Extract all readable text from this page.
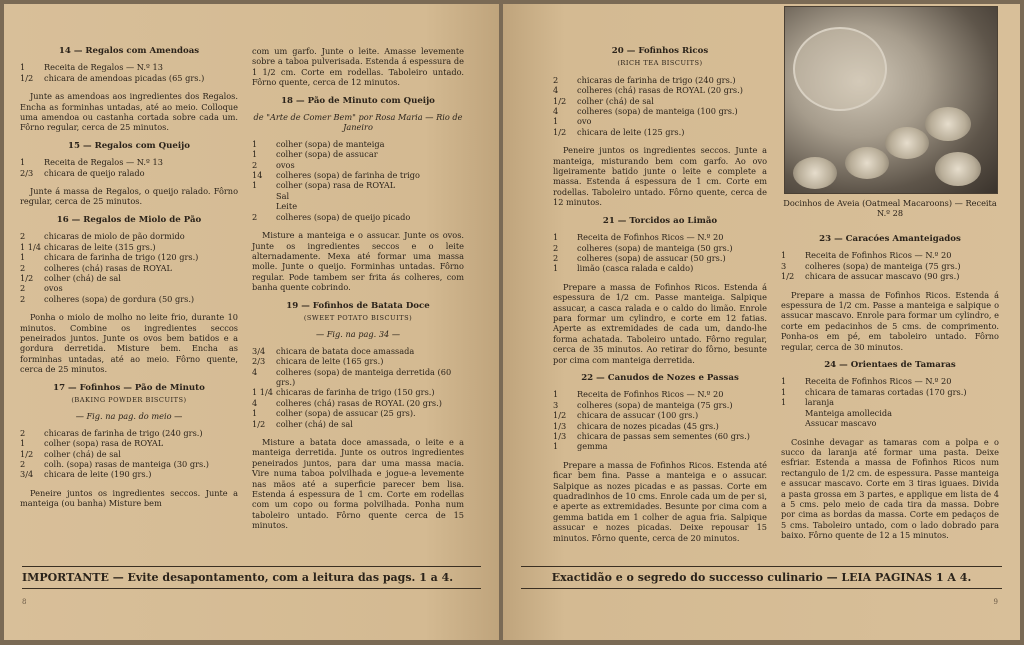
14 — Regalos com Amendoas

1	Receita de Regalos — N.º 13
1/2	chicara de amendoas picadas (65 grs.)

Junte as amendoas aos ingredientes dos Regalos. Encha as forminhas untadas, até ao meio. Colloque uma amendoa ou castanha cortada sobre cada um. Fôrno regular, cerca de 25 minutos.

15 — Regalos com Queijo

1	Receita de Regalos — N.º 13
2/3	chicara de queijo ralado

Junte á massa de Regalos, o queijo ralado. Fôrno regular, cerca de 25 minutos.

16 — Regalos de Miolo de Pão

2	chicaras de miolo de pão dormido
1 1/4 chicaras de leite (315 grs.)
1	chicara de farinha de trigo (120 grs.)
2	colheres (chá) rasas de ROYAL
1/2	colher (chá) de sal
2	ovos
2	colheres (sopa) de gordura (50 grs.)

Ponha o miolo de molho no leite frio, durante 10 minutos. Combine os ingredientes seccos peneirados juntos. Junte os ovos bem batidos e a gordura derretida. Misture bem. Encha as forminhas untadas, até ao meio. Fôrno quente, cerca de 25 minutos.

17 — Fofinhos — Pão de Minuto

(BAKING POWDER BISCUITS)

— Fig. na pag. do meio —

2	chicaras de farinha de trigo (240 grs.)
1	colher (sopa) rasa de ROYAL
1/2	colher (chá) de sal
2	colh. (sopa) rasas de manteiga (30 grs.)
3/4	chicara de leite (190 grs.)

Peneire juntos os ingredientes seccos. Junte a manteiga (ou banha) Misture bem

com um garfo. Junte o leite. Amasse levemente sobre a taboa pulverisada. Estenda á espessura de 1 1/2 cm. Corte em rodellas. Taboleiro untado. Fôrno quente, cerca de 12 minutos.

18 — Pão de Minuto com Queijo

de "Arte de Comer Bem" por Rosa Maria — Rio de Janeiro

1	colher (sopa) de manteiga
1	colher (sopa) de assucar
2	ovos
14	colheres (sopa) de farinha de trigo
1	colher (sopa) rasa de ROYAL
Sal
Leite
2	colheres (sopa) de queijo picado

Misture a manteiga e o assucar. Junte os ovos. Junte os ingredientes seccos e o leite alternadamente. Mexa até formar uma massa molle. Junte o queijo. Forminhas untadas. Fôrno regular. Pode tambem ser frita ás colheres, com banha quente cobrindo.

19 — Fofinhos de Batata Doce

(SWEET POTATO BISCUITS)

— Fig. na pag. 34 —

3/4	chicara de batata doce amassada
2/3	chicara de leite (165 grs.)
4	colheres (sopa) de manteiga derretida (60 grs.)
1 1/4 chicaras de farinha de trigo (150 grs.)
4	colheres (chá) rasas de ROYAL (20 grs.)
1	colher (sopa) de assucar (25 grs).
1/2	colher (chá) de sal

Misture a batata doce amassada, o leite e a manteiga derretida. Junte os outros ingredientes peneirados juntos, para dar uma massa macia. Vire numa taboa polvilhada e jogue-a levemente nas mãos até a superficie parecer bem lisa. Estenda á espessura de 1 cm. Corte em rodellas com um copo ou forma polvilhada. Ponha num taboleiro untado. Fôrno quente cerca de 15 minutos.

IMPORTANTE — Evite desapontamento, com a leitura das pags. 1 a 4.
8

20 — Fofinhos Ricos

(RICH TEA BISCUITS)

2	chicaras de farinha de trigo (240 grs.)
4	colheres (chá) rasas de ROYAL (20 grs.)
1/2	colher (chá) de sal
4	colheres (sopa) de manteiga (100 grs.)
1	ovo
1/2	chicara de leite (125 grs.)

Peneire juntos os ingredientes seccos. Junte a manteiga, misturando bem com garfo. Ao ovo ligeiramente batido junte o leite e complete a massa. Estenda á espessura de 1 cm. Corte em rodellas. Taboleiro untado. Fôrno quente, cerca de 12 minutos.

21 — Torcidos ao Limão

1	Receita de Fofinhos Ricos — N.º 20
2	colheres (sopa) de manteiga (50 grs.)
2	colheres (sopa) de assucar (50 grs.)
1	limão (casca ralada e caldo)

Prepare a massa de Fofinhos Ricos. Estenda á espessura de 1/2 cm. Passe manteiga. Salpique assucar, a casca ralada e o caldo do limão. Enrole para formar um cylindro, e corte em 12 fatias. Aperte as extremidades de cada um, dando-lhe forma achatada. Taboleiro untado. Fôrno regular, cerca de 35 minutos. Ao retirar do fôrno, besunte por cima com manteiga derretida.

22 — Canudos de Nozes e Passas

1	Receita de Fofinhos Ricos — N.º 20
3	colheres (sopa) de manteiga (75 grs.)
1/2	chicara de assucar (100 grs.)
1/3	chicara de nozes picadas (45 grs.)
1/3	chicara de passas sem sementes (60 grs.)
1	gemma

Prepare a massa de Fofinhos Ricos. Estenda até ficar bem fina. Passe a manteiga e o assucar. Salpique as nozes picadas e as passas. Corte em quadradinhos de 10 cms. Enrole cada um de per si, e aperte as extremidades. Besunte por cima com a gemma batida em 1 colher de agua fria. Salpique assucar e nozes picadas. Deixe repousar 15 minutos. Fôrno quente, cerca de 20 minutos.

Docinhos de Aveia (Oatmeal Macaroons) — Receita N.º 28

23 — Caracóes Amanteigados

1	Receita de Fofinhos Ricos — N.º 20
3	colheres (sopa) de manteiga (75 grs.)
1/2	chicara de assucar mascavo (90 grs.)

Prepare a massa de Fofinhos Ricos. Estenda á espessura de 1/2 cm. Passe a manteiga e salpique o assucar mascavo. Enrole para formar um cylindro, e corte em pedacinhos de 5 cms. de comprimento. Ponha-os em pé, em taboleiro untado. Fôrno regular, cerca de 30 minutos.

24 — Orientaes de Tamaras

1	Receita de Fofinhos Ricos — N.º 20
1	chicara de tamaras cortadas (170 grs.)
1	laranja
Manteiga amollecida
Assucar mascavo

Cosinhe devagar as tamaras com a polpa e o succo da laranja até formar uma pasta. Deixe esfriar. Estenda a massa de Fofinhos Ricos num rectangulo de 1/2 cm. de espessura. Passe manteiga e assucar mascavo. Corte em 3 tiras iguaes. Divida a pasta grossa em 3 partes, e applique em lista de 4 a 5 cms. pelo meio de cada tira da massa. Dobre por cima as bordas da massa. Corte em pedaços de 5 cms. Taboleiro untado, com o lado dobrado para baixo. Fôrno quente de 12 a 15 minutos.

Exactidão e o segredo do successo culinario — LEIA PAGINAS 1 A 4.
9
